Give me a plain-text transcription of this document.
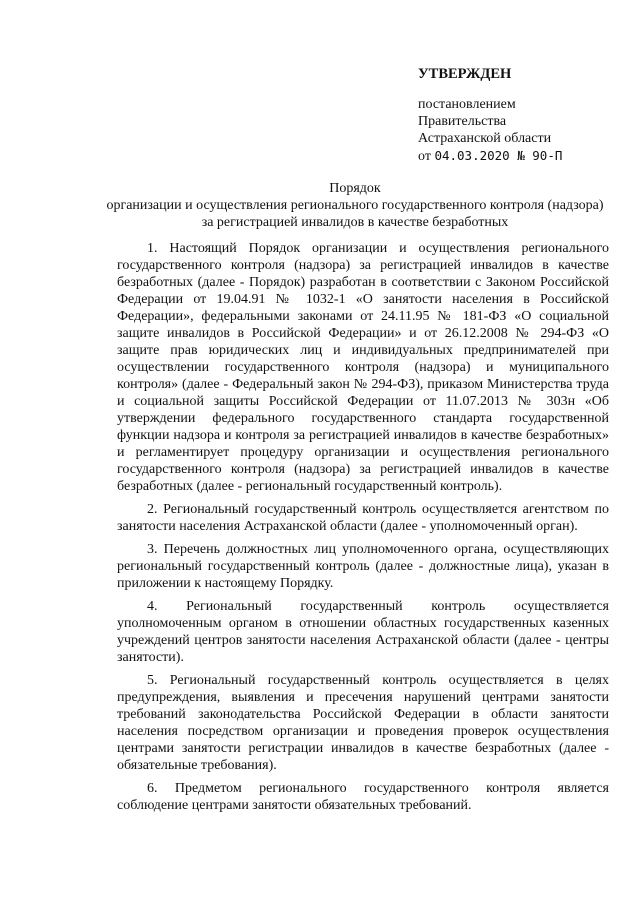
УТВЕРЖДЕН
постановлением
Правительства
Астраханской области
от 04.03.2020 № 90-П
Порядок
организации и осуществления регионального государственного контроля (надзора) за регистрацией инвалидов в качестве безработных

1. Настоящий Порядок организации и осуществления регионального государственного контроля (надзора) за регистрацией инвалидов в качестве безработных (далее - Порядок) разработан в соответствии с Законом Российской Федерации от 19.04.91 № 1032-1 «О занятости населения в Российской Федерации», федеральными законами от 24.11.95 № 181-ФЗ «О социальной защите инвалидов в Российской Федерации» и от 26.12.2008 № 294-ФЗ «О защите прав юридических лиц и индивидуальных предпринимателей при осуществлении государственного контроля (надзора) и муниципального контроля» (далее - Федеральный закон № 294-ФЗ), приказом Министерства труда и социальной защиты Российской Федерации от 11.07.2013 № 303н «Об утверждении федерального государственного стандарта государственной функции надзора и контроля за регистрацией инвалидов в качестве безработных» и регламентирует процедуру организации и осуществления регионального государственного контроля (надзора) за регистрацией инвалидов в качестве безработных (далее - региональный государственный контроль).

2. Региональный государственный контроль осуществляется агентством по занятости населения Астраханской области (далее - уполномоченный орган).

3. Перечень должностных лиц уполномоченного органа, осуществляющих региональный государственный контроль (далее - должностные лица), указан в приложении к настоящему Порядку.

4. Региональный государственный контроль осуществляется уполномоченным органом в отношении областных государственных казенных учреждений центров занятости населения Астраханской области (далее - центры занятости).

5. Региональный государственный контроль осуществляется в целях предупреждения, выявления и пресечения нарушений центрами занятости требований законодательства Российской Федерации в области занятости населения посредством организации и проведения проверок осуществления центрами занятости регистрации инвалидов в качестве безработных (далее - обязательные требования).

6. Предметом регионального государственного контроля является соблюдение центрами занятости обязательных требований.
